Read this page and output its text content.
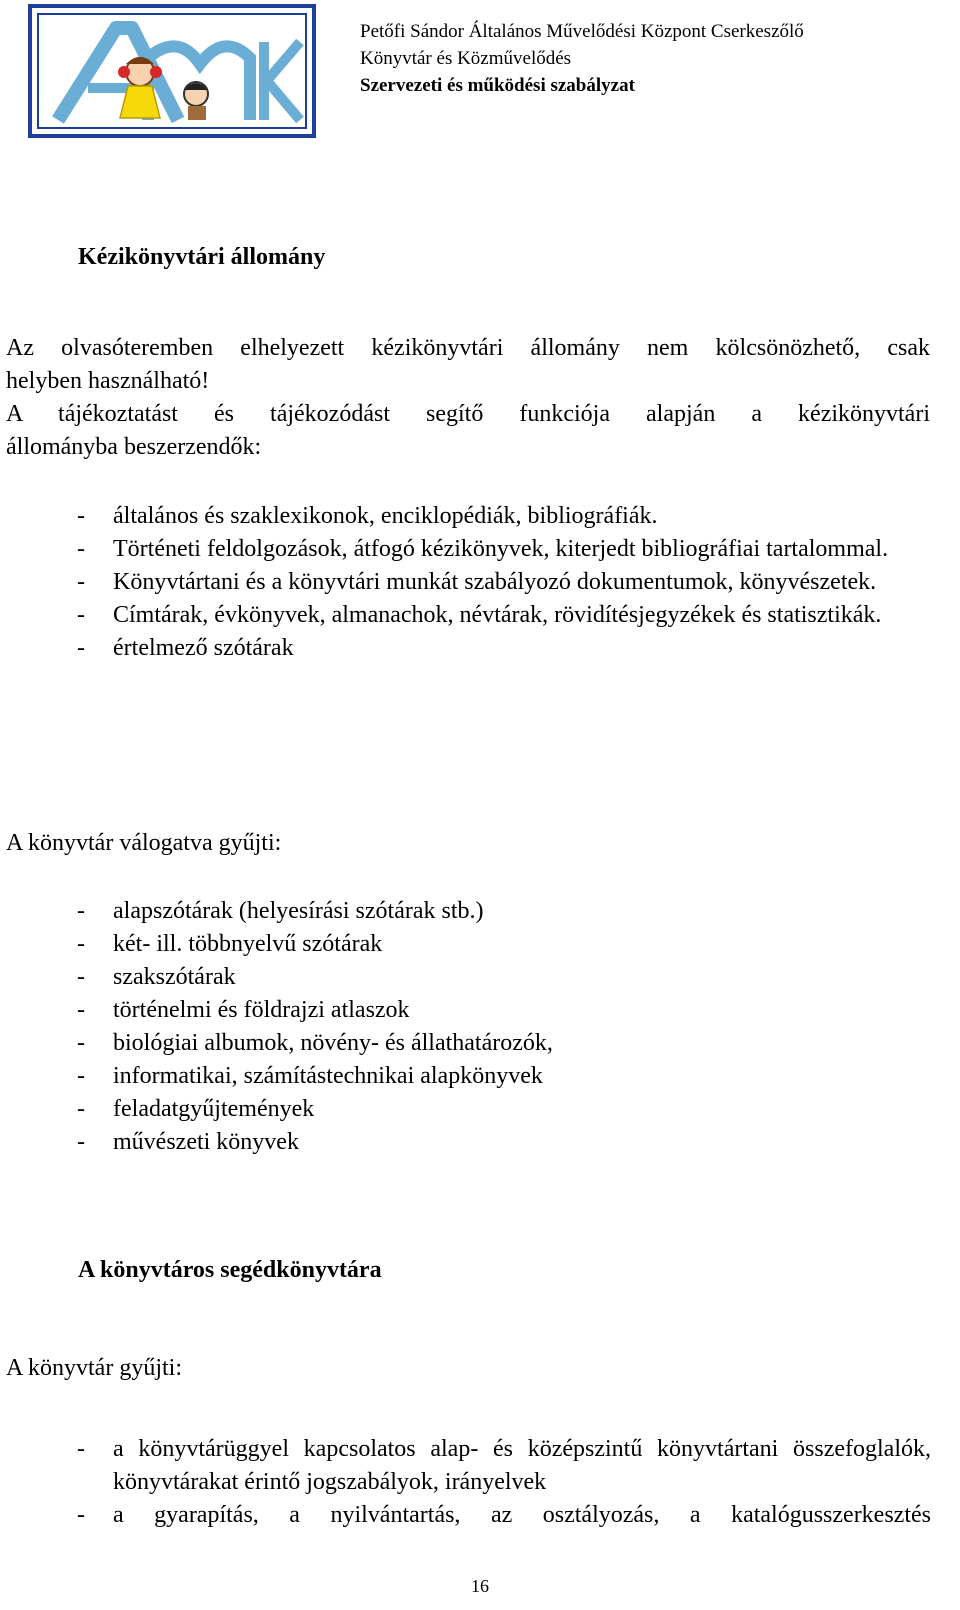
Petőfi Sándor Általános Művelődési Központ Cserkeszőlő
Könyvtár és Közművelődés
Szervezeti és működési szabályzat
Kézikönyvtári állomány
Az olvasóteremben elhelyezett kézikönyvtári állomány nem kölcsönözhető, csak
helyben használható!
A tájékoztatást és tájékozódást segítő funkciója alapján a kézikönyvtári
állományba beszerzendők:
- általános és szaklexikonok, enciklopédiák, bibliográfiák.
- Történeti feldolgozások, átfogó kézikönyvek, kiterjedt bibliográfiai tartalommal.
- Könyvtártani és a könyvtári munkát szabályozó dokumentumok, könyvészetek.
- Címtárak, évkönyvek, almanachok, névtárak, rövidítésjegyzékek és statisztikák.
- értelmező szótárak
A könyvtár válogatva gyűjti:
- alapszótárak (helyesírási szótárak stb.)
- két- ill. többnyelvű szótárak
- szakszótárak
- történelmi és földrajzi atlaszok
- biológiai albumok, növény- és állathatározók,
- informatikai, számítástechnikai alapkönyvek
- feladatgyűjtemények
- művészeti könyvek
A könyvtáros segédkönyvtára
A könyvtár gyűjti:
- a könyvtárüggyel kapcsolatos alap- és középszintű könyvtártani összefoglalók, könyvtárakat érintő jogszabályok, irányelvek
- a gyarapítás, a nyilvántartás, az osztályozás, a katalógusszerkesztés
16
